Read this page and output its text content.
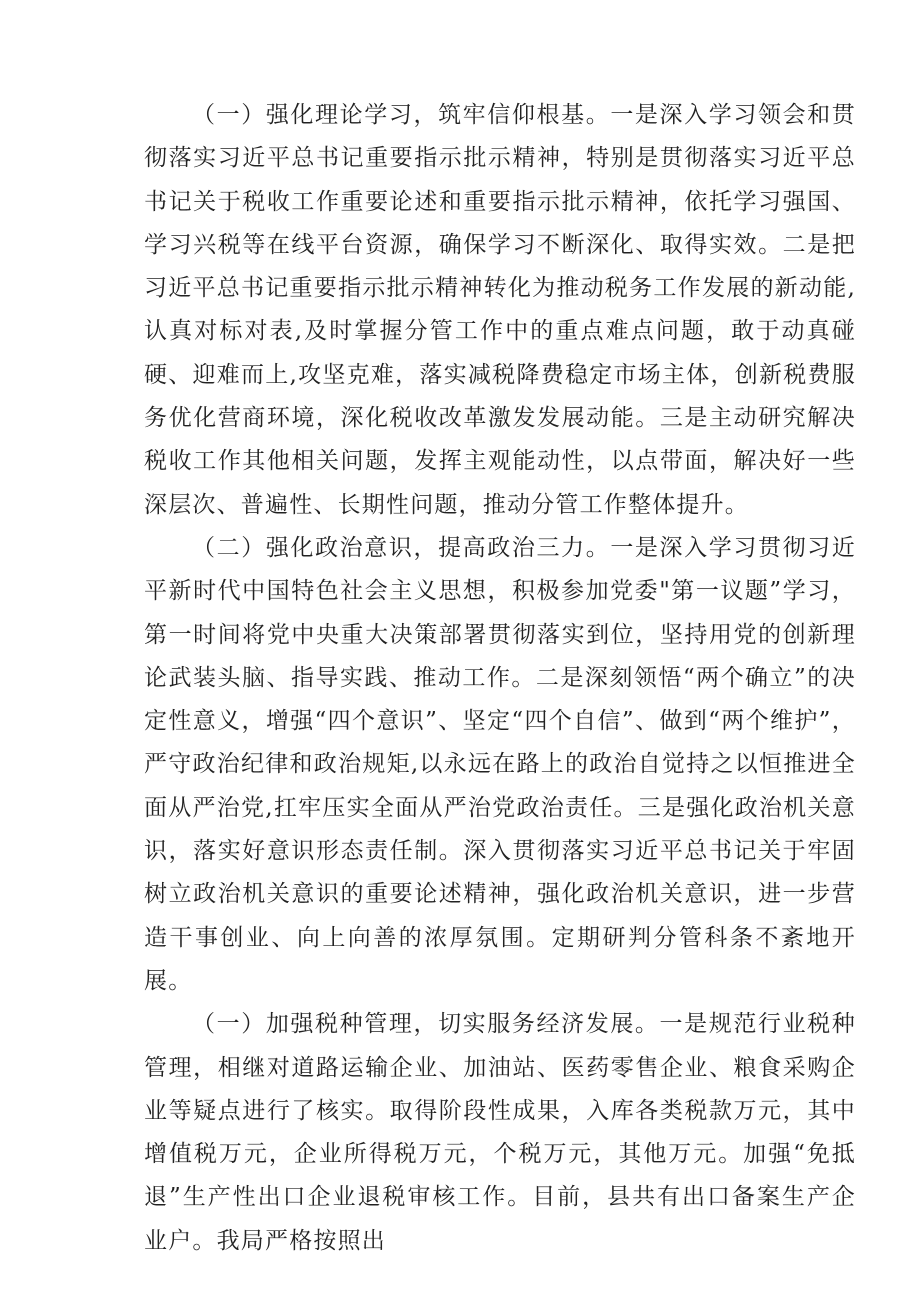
（一）强化理论学习，筑牢信仰根基。一是深入学习领会和贯彻落实习近平总书记重要指示批示精神，特别是贯彻落实习近平总书记关于税收工作重要论述和重要指示批示精神，依托学习强国、学习兴税等在线平台资源，确保学习不断深化、取得实效。二是把习近平总书记重要指示批示精神转化为推动税务工作发展的新动能,认真对标对表,及时掌握分管工作中的重点难点问题，敢于动真碰硬、迎难而上,攻坚克难，落实减税降费稳定市场主体，创新税费服务优化营商环境，深化税收改革激发发展动能。三是主动研究解决税收工作其他相关问题，发挥主观能动性，以点带面，解决好一些深层次、普遍性、长期性问题，推动分管工作整体提升。

（二）强化政治意识，提高政治三力。一是深入学习贯彻习近平新时代中国特色社会主义思想，积极参加党委"第一议题”学习，第一时间将党中央重大决策部署贯彻落实到位，坚持用党的创新理论武装头脑、指导实践、推动工作。二是深刻领悟“两个确立”的决定性意义，增强“四个意识”、坚定“四个自信”、做到“两个维护”，严守政治纪律和政治规矩,以永远在路上的政治自觉持之以恒推进全面从严治党,扛牢压实全面从严治党政治责任。三是强化政治机关意识，落实好意识形态责任制。深入贯彻落实习近平总书记关于牢固树立政治机关意识的重要论述精神，强化政治机关意识，进一步营造干事创业、向上向善的浓厚氛围。定期研判分管科条不紊地开展。

（一）加强税种管理，切实服务经济发展。一是规范行业税种管理，相继对道路运输企业、加油站、医药零售企业、粮食采购企业等疑点进行了核实。取得阶段性成果，入库各类税款万元，其中增值税万元，企业所得税万元，个税万元，其他万元。加强“免抵退”生产性出口企业退税审核工作。目前，县共有出口备案生产企业户。我局严格按照出
